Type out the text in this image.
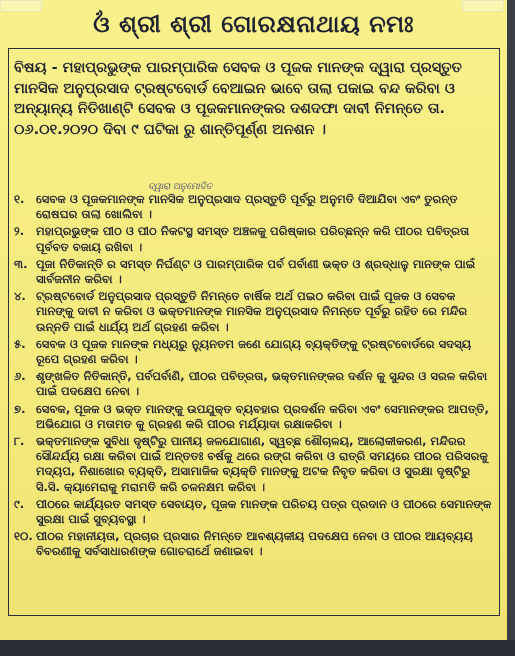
ଓଁ ଶ୍ରୀ ଶ୍ରୀ ଗୋରକ୍ଷନାଥାୟ ନମଃ
ବିଷୟ - ମହାପ୍ରଭୁଙ୍କ ପାରମ୍ପାରିକ ସେବକ ଓ ପୂଜକ ମାନଙ୍କ ଦ୍ୱାରା ପ୍ରସ୍ତୁତ ମାନସିକ ଅନୁପ୍ରସାଦ ଟ୍ରଷ୍ଟବୋର୍ଡ ବେଆଇନ ଭାବେ ତାଲା ପକାଇ ବନ୍ଦ କରିବା ଓ ଅନ୍ୟାନ୍ୟ ନିତିଖାଣ୍ଟି ସେବକ ଓ ପୂଜକମାନଙ୍କର ଦଶଦଫା ଦାବୀ ନିମନ୍ତେ ତା. ୦୬.୦୧.୨୦୨୦ ଦିବା ୯ ଘଟିକା ରୁ ଶାନ୍ତିପୂର୍ଣ୍ଣ ଅନଶନ ।
ଦ୍ୱାରା ଅନୁମୋଦିତ
୧. ସେବକ ଓ ପୂଜକମାନଙ୍କ ମାନସିକ ଅନୁପ୍ରସାଦ ପ୍ରସ୍ତୁତି ପୂର୍ବରୁ ଅନୁମତି ଦିଆଯିବା ଏବଂ ତୁରନ୍ତ ରୋଷଘର ତାଲା ଖୋଲିବା ।
୨.	ମହାପ୍ରଭୁଙ୍କ ପୀଠ ଓ ପୀଠ ନିକଟସ୍ଥ ସମସ୍ତ ଅଞ୍ଚଳକୁ ପରିଷ୍କାର ପରିଚ୍ଛନ୍ନ କରି ପୀଠର ପବିତ୍ରତା ପୂର୍ବବତ ବଜାୟ ରଖିବା ।
୩. ପୂଜା ନିତିକାନ୍ତି ର ସମସ୍ତ ନିର୍ଘଣ୍ଟ ଓ ପାରମ୍ପାରିକ ପର୍ବ ପର୍ବାଣୀ ଭକ୍ତ ଓ ଶ୍ରଦ୍ଧାଳୁ ମାନଙ୍କ ପାଇଁ ସାର୍ବଜନୀନ କରିବା ।
୪. ଟ୍ରଷ୍ଟବୋର୍ଡ ଅନୁପ୍ରସାଦ ପ୍ରସ୍ତୁତି ନିମନ୍ତେ ବାର୍ଷିକ ଅର୍ଥ ପଇଠ କରିବା ପାଇଁ ପୂଜକ ଓ ସେବକ ମାନଙ୍କୁ ଦାବୀ ନ କରିବା ଓ ଭକ୍ତମାନଙ୍କ ମାନସିକ ଅନୁପ୍ରସାଦ ନିମନ୍ତେ ପୂର୍ବରୁ ରହିତ ରେ ମନ୍ଦିର ଉନ୍ନତି ପାଇଁ ଧାର୍ଯ୍ୟ ଅର୍ଥ ଗ୍ରହଣ କରିବା ।
୫. ସେବକ ଓ ପୂଜକ ମାନଙ୍କ ମଧ୍ୟରୁ ନ୍ୟୁନତମ ଜଣେ ଯୋଗ୍ୟ ବ୍ୟକ୍ତିଙ୍କୁ ଟ୍ରଷ୍ଟବୋର୍ଡରେ ସଦସ୍ୟ ରୂପେ ଗ୍ରହଣ କରିବା ।
୬. ଶୃଙ୍ଖଳିତ ନିତିକାନ୍ତି, ପର୍ବପର୍ବାଣି, ପୀଠର ପବିତ୍ରତା, ଭକ୍ତମାନଙ୍କର ଦର୍ଶନ କୁ ସୁନ୍ଦର ଓ ସରଳ କରିବା ପାଇଁ ପଦକ୍ଷେପ ନେବା ।
୭. ସେବକ, ପୂଜକ ଓ ଭକ୍ତ ମାନଙ୍କୁ ଉପଯୁକ୍ତ ବ୍ୟବହାର ପ୍ରଦର୍ଶନ କରିବା ଏବଂ ସେମାନଙ୍କର ଆପତ୍ତି, ଅଭିଯୋଗ ଓ ମତାମତ କୁ ଗ୍ରହଣ କରି ପୀଠର ମର୍ଯ୍ୟାଦା ରକ୍ଷାକରିବା ।
୮. ଭକ୍ତମାନଙ୍କ ସୁବିଧା ଦୃଷ୍ଟିରୁ ପାନୀୟ ଜଳଯୋଗାଣ, ସ୍ୱଚ୍ଛ ଶୌଚାଳୟ, ଆଲୋକୀକରଣ, ମନ୍ଦିରର ସୌନ୍ଦର୍ଯ୍ୟ ରକ୍ଷା କରିବା ପାଇଁ ଅନ୍ତତଃ ବର୍ଷକୁ ଥରେ ରଙ୍ଗ କରିବା ଓ ରାତ୍ରି ସମୟରେ ପୀଠର ପରିସରକୁ ମଦ୍ୟପ, ନିଶାଖୋର ବ୍ୟକ୍ତି, ଅସାମାଜିକ ବ୍ୟକ୍ତି ମାନଙ୍କୁ ଅଟକ ନିବୃତ କରିବା ଓ ସୁରକ୍ଷା ଦୃଷ୍ଟିରୁ ସି.ସି. କ୍ୟାମେରାକୁ ମରାମତି କରି ଚଳନକ୍ଷମ କରିବା ।
୯.	ପୀଠରେ କାର୍ଯ୍ୟରତ ସମସ୍ତ ସେବାୟତ, ପୂଜକ ମାନଙ୍କ ପରିଚୟ ପତ୍ର ପ୍ରଦାନ ଓ ପୀଠରେ ସେମାନଙ୍କ ସୁରକ୍ଷା ପାଇଁ ସୁବ୍ୟବସ୍ଥା ।
୧୦. ପୀଠର ମହାନୀୟତା, ପ୍ରଚାର ପ୍ରସାର ନିମନ୍ତେ ଆବଶ୍ୟକୀୟ ପଦକ୍ଷେପ ନେବା ଓ ପୀଠର ଆୟବ୍ୟୟ ବିବରଣୀକୁ ସର୍ବସାଧାରଣଙ୍କ ଗୋଚରାର୍ଥେ ଜଣାଇବା ।
